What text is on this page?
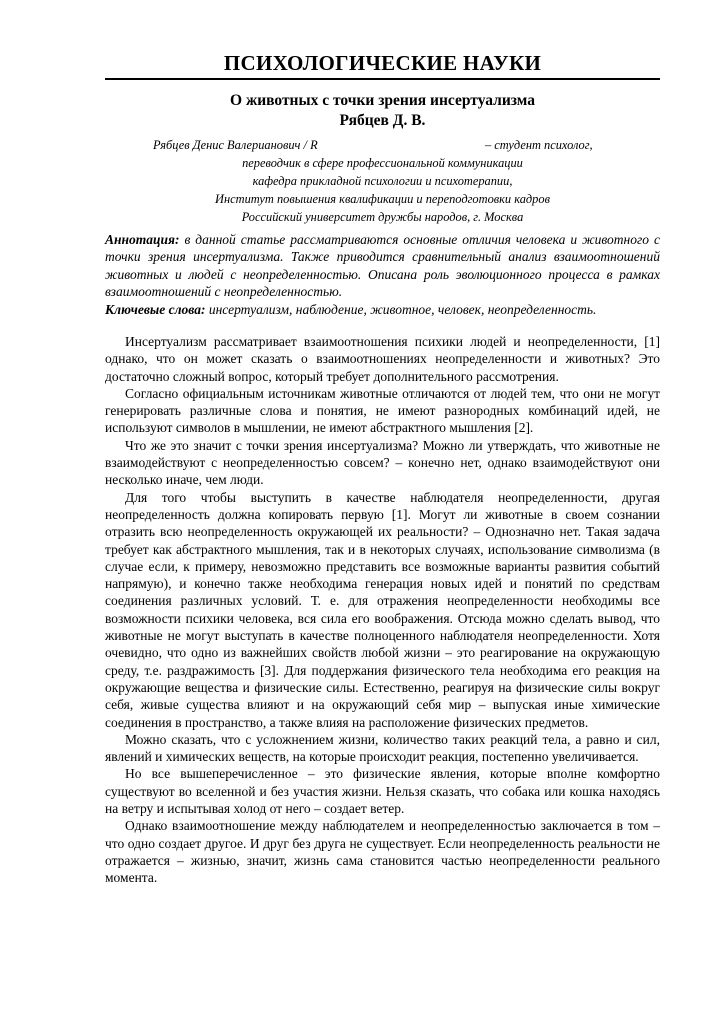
ПСИХОЛОГИЧЕСКИЕ НАУКИ
О животных с точки зрения инсертуализма
Рябцев Д. В.
Рябцев Денис Валерианович / R	– студент психолог,
переводчик в сфере профессиональной коммуникации
кафедра прикладной психологии и психотерапии,
Институт повышения квалификации и переподготовки кадров
Российский университет дружбы народов, г. Москва

Аннотация: в данной статье рассматриваются основные отличия человека и животного с точки зрения инсертуализма. Также приводится сравнительный анализ взаимоотношений животных и людей с неопределенностью. Описана роль эволюционного процесса в рамках взаимоотношений с неопределенностью.

Ключевые слова: инсертуализм, наблюдение, животное, человек, неопределенность.

Инсертуализм рассматривает взаимоотношения психики людей и неопределенности, [1] однако, что он может сказать о взаимоотношениях неопределенности и животных? Это достаточно сложный вопрос, который требует дополнительного рассмотрения.

Согласно официальным источникам животные отличаются от людей тем, что они не могут генерировать различные слова и понятия, не имеют разнородных комбинаций идей, не используют символов в мышлении, не имеют абстрактного мышления [2].

Что же это значит с точки зрения инсертуализма? Можно ли утверждать, что животные не взаимодействуют с неопределенностью совсем? – конечно нет, однако взаимодействуют они несколько иначе, чем люди.

Для того чтобы выступить в качестве наблюдателя неопределенности, другая неопределенность должна копировать первую [1]. Могут ли животные в своем сознании отразить всю неопределенность окружающей их реальности? – Однозначно нет. Такая задача требует как абстрактного мышления, так и в некоторых случаях, использование символизма (в случае если, к примеру, невозможно представить все возможные варианты развития событий напрямую), и конечно также необходима генерация новых идей и понятий по средствам соединения различных условий. Т. е. для отражения неопределенности необходимы все возможности психики человека, вся сила его воображения. Отсюда можно сделать вывод, что животные не могут выступать в качестве полноценного наблюдателя неопределенности. Хотя очевидно, что одно из важнейших свойств любой жизни – это реагирование на окружающую среду, т.е. раздражимость [3]. Для поддержания физического тела необходима его реакция на окружающие вещества и физические силы. Естественно, реагируя на физические силы вокруг себя, живые существа влияют и на окружающий себя мир – выпуская иные химические соединения в пространство, а также влияя на расположение физических предметов.

Можно сказать, что с усложнением жизни, количество таких реакций тела, а равно и сил, явлений и химических веществ, на которые происходит реакция, постепенно увеличивается.

Но все вышеперечисленное – это физические явления, которые вполне комфортно существуют во вселенной и без участия жизни. Нельзя сказать, что собака или кошка находясь на ветру и испытывая холод от него – создает ветер.

Однако взаимоотношение между наблюдателем и неопределенностью заключается в том – что одно создает другое. И друг без друга не существует. Если неопределенность реальности не отражается – жизнью, значит, жизнь сама становится частью неопределенности реального момента.
